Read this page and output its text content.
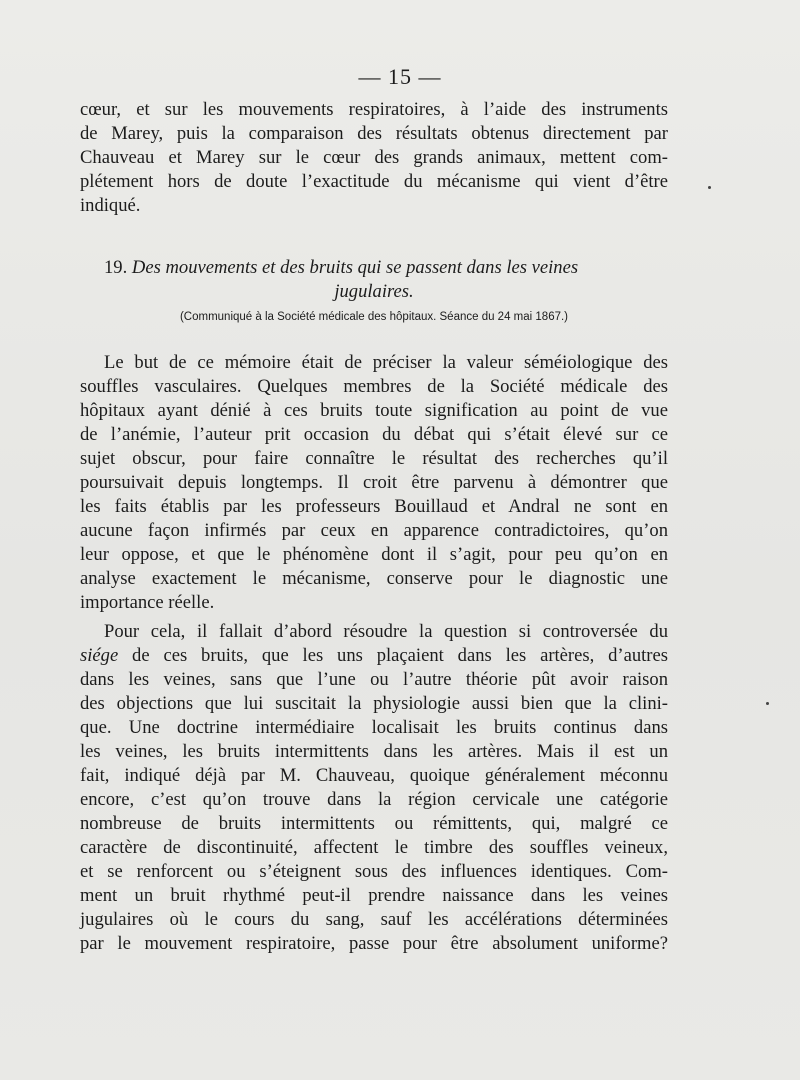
— 15 —
cœur, et sur les mouvements respiratoires, à l’aide des instruments
de Marey, puis la comparaison des résultats obtenus directement par
Chauveau et Marey sur le cœur des grands animaux, mettent com-
plétement hors de doute l’exactitude du mécanisme qui vient d’être
indiqué.
19. Des mouvements et des bruits qui se passent dans les veines
jugulaires.
(Communiqué à la Société médicale des hôpitaux. Séance du 24 mai 1867.)
Le but de ce mémoire était de préciser la valeur séméiologique des
souffles vasculaires. Quelques membres de la Société médicale des
hôpitaux ayant dénié à ces bruits toute signification au point de vue
de l’anémie, l’auteur prit occasion du débat qui s’était élevé sur ce
sujet obscur, pour faire connaître le résultat des recherches qu’il
poursuivait depuis longtemps. Il croit être parvenu à démontrer que
les faits établis par les professeurs Bouillaud et Andral ne sont en
aucune façon infirmés par ceux en apparence contradictoires, qu’on
leur oppose, et que le phénomène dont il s’agit, pour peu qu’on en
analyse exactement le mécanisme, conserve pour le diagnostic une
importance réelle.
Pour cela, il fallait d’abord résoudre la question si controversée du
siége de ces bruits, que les uns plaçaient dans les artères, d’autres
dans les veines, sans que l’une ou l’autre théorie pût avoir raison
des objections que lui suscitait la physiologie aussi bien que la clini-
que. Une doctrine intermédiaire localisait les bruits continus dans
les veines, les bruits intermittents dans les artères. Mais il est un
fait, indiqué déjà par M. Chauveau, quoique généralement méconnu
encore, c’est qu’on trouve dans la région cervicale une catégorie
nombreuse de bruits intermittents ou rémittents, qui, malgré ce
caractère de discontinuité, affectent le timbre des souffles veineux,
et se renforcent ou s’éteignent sous des influences identiques. Com-
ment un bruit rhythmé peut-il prendre naissance dans les veines
jugulaires où le cours du sang, sauf les accélérations déterminées
par le mouvement respiratoire, passe pour être absolument uniforme?
